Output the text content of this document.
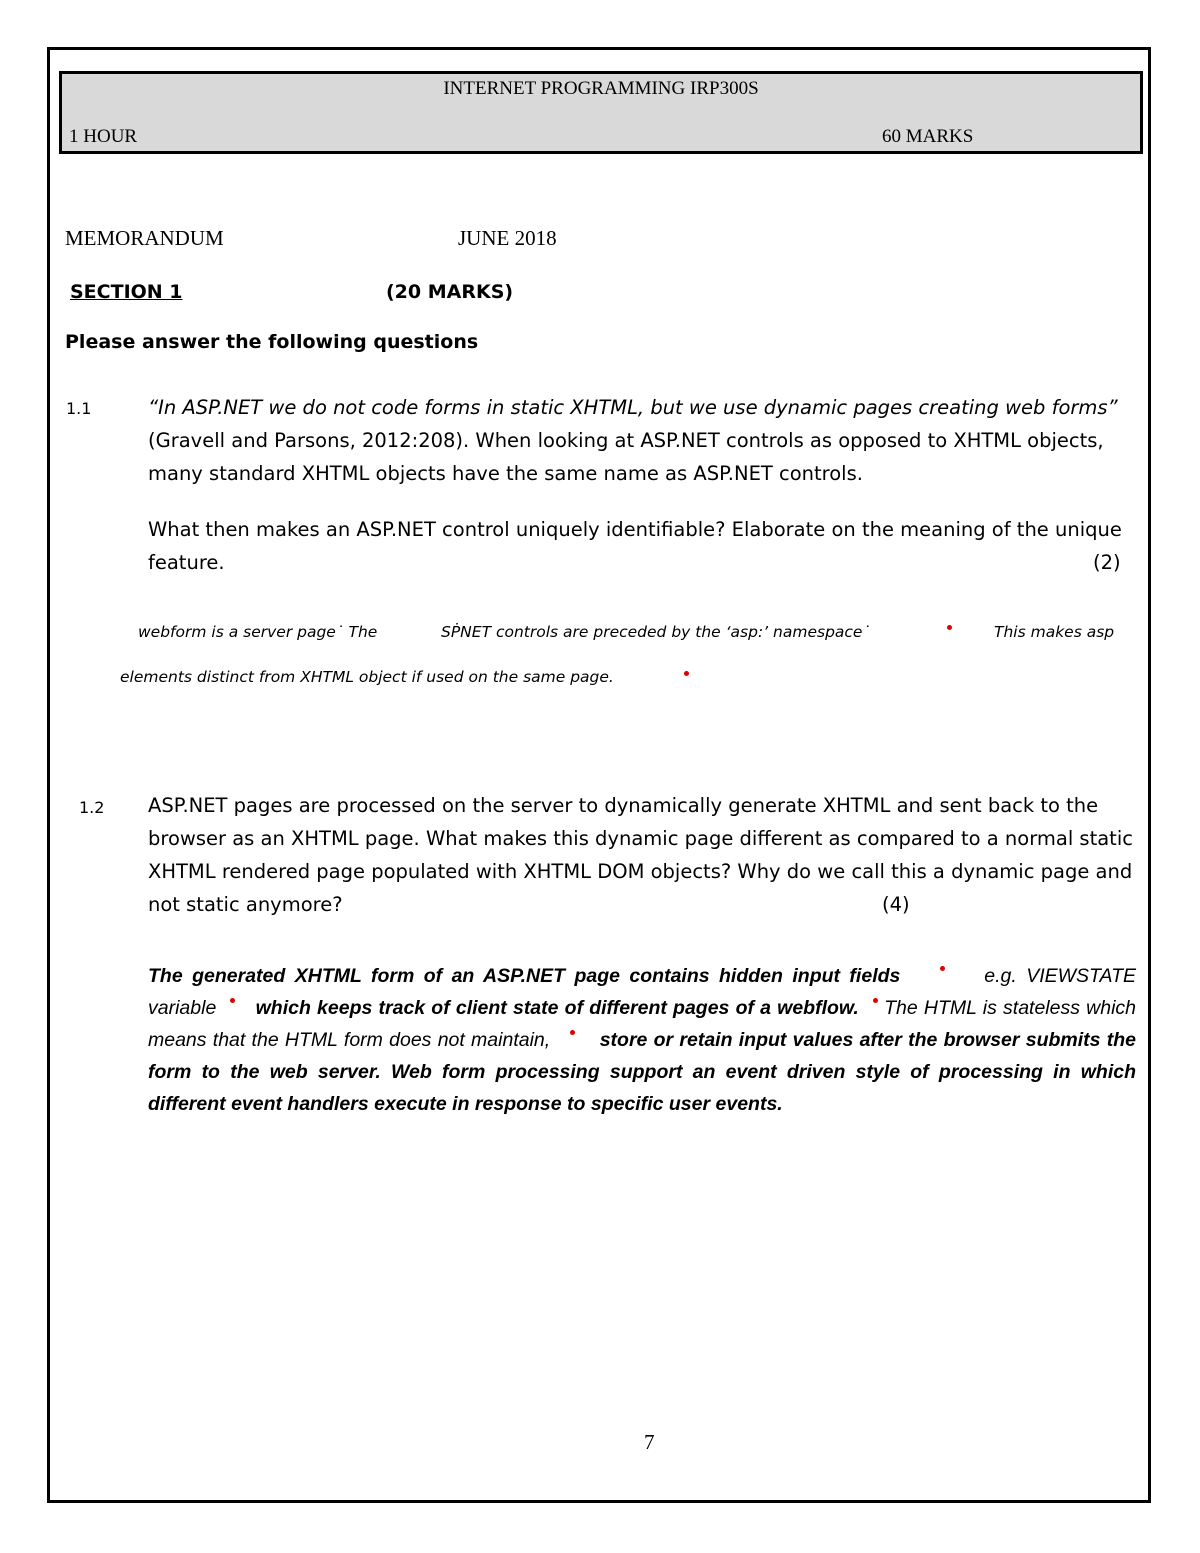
INTERNET PROGRAMMING IRP300S
1 HOUR	60 MARKS
MEMORANDUM	JUNE 2018
SECTION 1	(20 MARKS)
Please answer the following questions
1.1	“In ASP.NET we do not code forms in static XHTML, but we use dynamic pages creating web forms”
(Gravell and Parsons, 2012:208). When looking at ASP.NET controls as opposed to XHTML objects,
many standard XHTML objects have the same name as ASP.NET controls.
What then makes an ASP.NET control uniquely identifiable? Elaborate on the meaning of the unique
feature.	(2)
webform is a server page˙ The	SṖNET controls are preceded by the ‘asp:’ namespace˙	This makes asp
elements distinct from XHTML object if used on the same page.
1.2 ASP.NET pages are processed on the server to dynamically generate XHTML and sent back to the
browser as an XHTML page. What makes this dynamic page different as compared to a normal static
XHTML rendered page populated with XHTML DOM objects? Why do we call this a dynamic page and
not static anymore?	(4)
The generated XHTML form of an ASP.NET page contains hidden input fields	e.g. VIEWSTATE variable which keeps track of client state of different pages of a webflow. The HTML is stateless which means that the HTML form does not maintain,	store or retain input values after the browser submits the form to the web server. Web form processing support an event driven style of processing in which different event handlers execute in response to specific user events.
7
